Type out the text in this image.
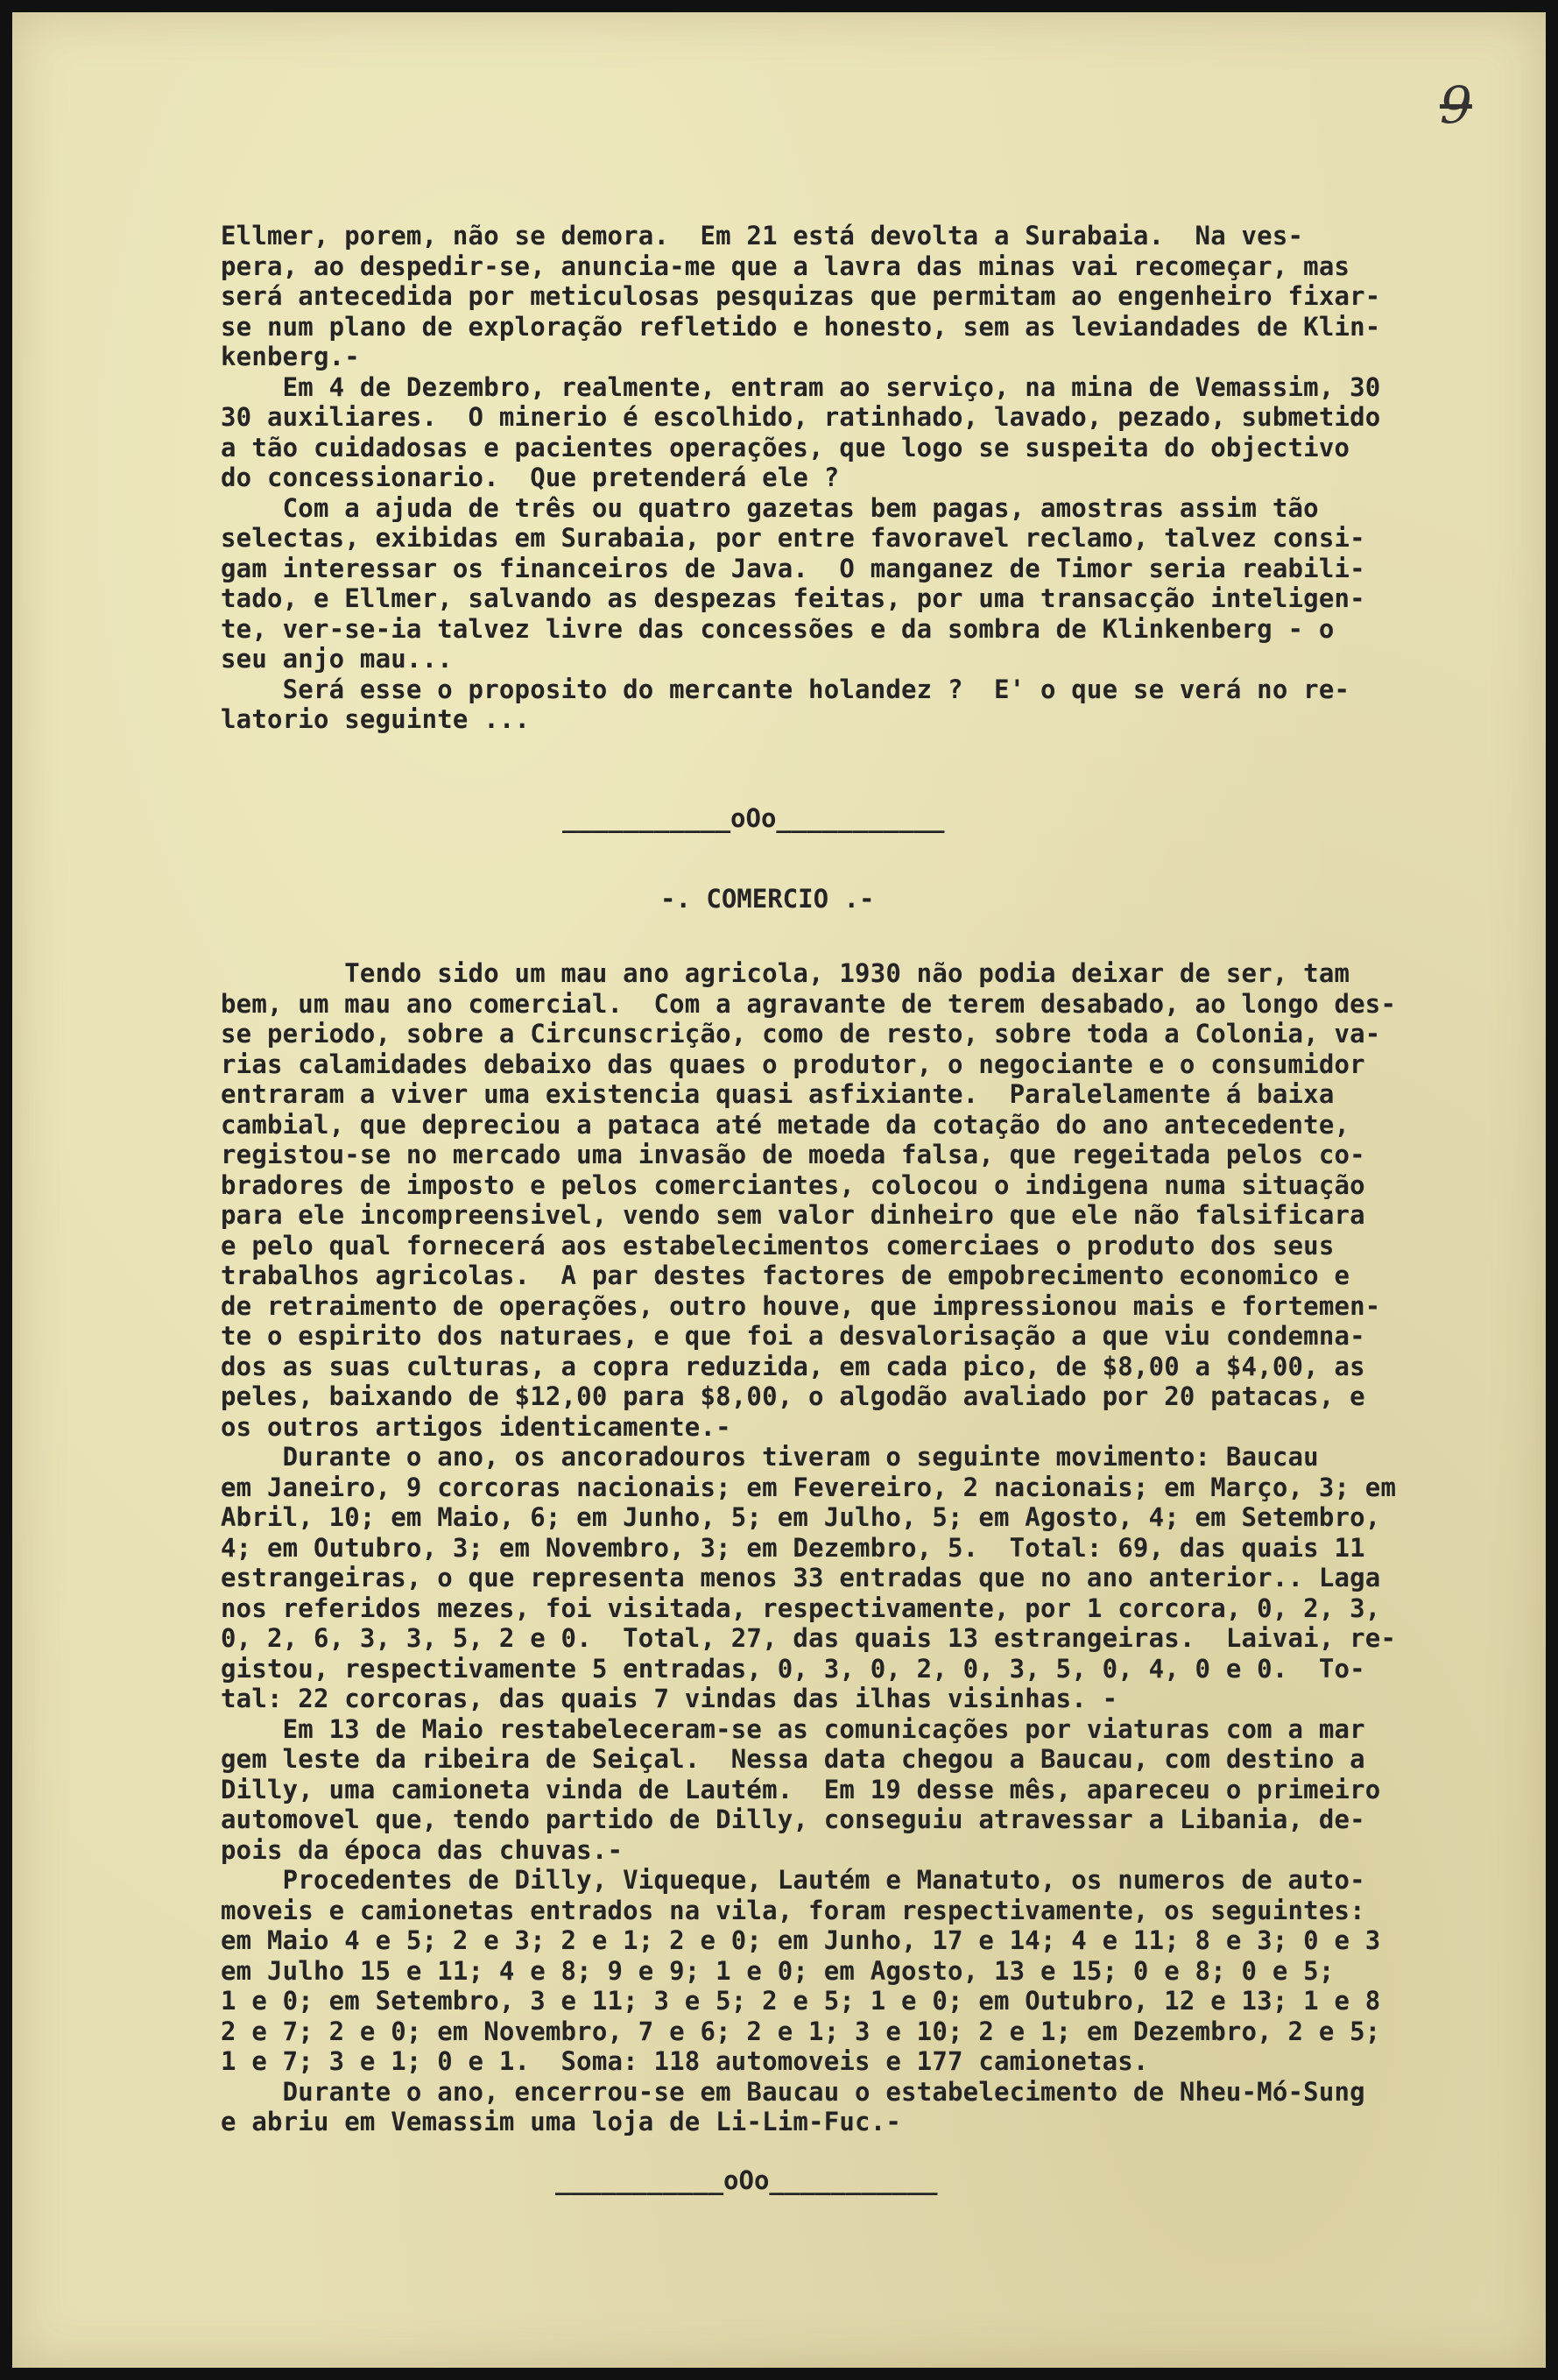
9
Ellmer, porem, não se demora.  Em 21 está devolta a Surabaia.  Na ves-
pera, ao despedir-se, anuncia-me que a lavra das minas vai recomeçar, mas
será antecedida por meticulosas pesquizas que permitam ao engenheiro fixar-
se num plano de exploração refletido e honesto, sem as leviandades de Klin-
kenberg.-
Em 4 de Dezembro, realmente, entram ao serviço, na mina de Vemassim, 30
30 auxiliares.  O minerio é escolhido, ratinhado, lavado, pezado, submetido
a tão cuidadosas e pacientes operações, que logo se suspeita do objectivo
do concessionario.  Que pretenderá ele ?
Com a ajuda de três ou quatro gazetas bem pagas, amostras assim tão
selectas, exibidas em Surabaia, por entre favoravel reclamo, talvez consi-
gam interessar os financeiros de Java.  O manganez de Timor seria reabili-
tado, e Ellmer, salvando as despezas feitas, por uma transacção inteligen-
te, ver-se-ia talvez livre das concessões e da sombra de Klinkenberg - o
seu anjo mau...
Será esse o proposito do mercante holandez ?  E' o que se verá no re-
latorio seguinte ...
___________oOo___________
-. COMERCIO .-
Tendo sido um mau ano agricola, 1930 não podia deixar de ser, tam
bem, um mau ano comercial.  Com a agravante de terem desabado, ao longo des-
se periodo, sobre a Circunscrição, como de resto, sobre toda a Colonia, va-
rias calamidades debaixo das quaes o produtor, o negociante e o consumidor
entraram a viver uma existencia quasi asfixiante.  Paralelamente á baixa
cambial, que depreciou a pataca até metade da cotação do ano antecedente,
registou-se no mercado uma invasão de moeda falsa, que regeitada pelos co-
bradores de imposto e pelos comerciantes, colocou o indigena numa situação
para ele incompreensivel, vendo sem valor dinheiro que ele não falsificara
e pelo qual fornecerá aos estabelecimentos comerciaes o produto dos seus
trabalhos agricolas.  A par destes factores de empobrecimento economico e
de retraimento de operações, outro houve, que impressionou mais e fortemen-
te o espirito dos naturaes, e que foi a desvalorisação a que viu condemna-
dos as suas culturas, a copra reduzida, em cada pico, de $8,00 a $4,00, as
peles, baixando de $12,00 para $8,00, o algodão avaliado por 20 patacas, e
os outros artigos identicamente.-
Durante o ano, os ancoradouros tiveram o seguinte movimento: Baucau
em Janeiro, 9 corcoras nacionais; em Fevereiro, 2 nacionais; em Março, 3; em
Abril, 10; em Maio, 6; em Junho, 5; em Julho, 5; em Agosto, 4; em Setembro,
4; em Outubro, 3; em Novembro, 3; em Dezembro, 5.  Total: 69, das quais 11
estrangeiras, o que representa menos 33 entradas que no ano anterior.. Laga
nos referidos mezes, foi visitada, respectivamente, por 1 corcora, 0, 2, 3,
0, 2, 6, 3, 3, 5, 2 e 0.  Total, 27, das quais 13 estrangeiras.  Laivai, re-
gistou, respectivamente 5 entradas, 0, 3, 0, 2, 0, 3, 5, 0, 4, 0 e 0.  To-
tal: 22 corcoras, das quais 7 vindas das ilhas visinhas. -
Em 13 de Maio restabeleceram-se as comunicações por viaturas com a mar
gem leste da ribeira de Seiçal.  Nessa data chegou a Baucau, com destino a
Dilly, uma camioneta vinda de Lautém.  Em 19 desse mês, apareceu o primeiro
automovel que, tendo partido de Dilly, conseguiu atravessar a Libania, de-
pois da época das chuvas.-
Procedentes de Dilly, Viqueque, Lautém e Manatuto, os numeros de auto-
moveis e camionetas entrados na vila, foram respectivamente, os seguintes:
em Maio 4 e 5; 2 e 3; 2 e 1; 2 e 0; em Junho, 17 e 14; 4 e 11; 8 e 3; 0 e 3
em Julho 15 e 11; 4 e 8; 9 e 9; 1 e 0; em Agosto, 13 e 15; 0 e 8; 0 e 5;
1 e 0; em Setembro, 3 e 11; 3 e 5; 2 e 5; 1 e 0; em Outubro, 12 e 13; 1 e 8
2 e 7; 2 e 0; em Novembro, 7 e 6; 2 e 1; 3 e 10; 2 e 1; em Dezembro, 2 e 5;
1 e 7; 3 e 1; 0 e 1.  Soma: 118 automoveis e 177 camionetas.
Durante o ano, encerrou-se em Baucau o estabelecimento de Nheu-Mó-Sung
e abriu em Vemassim uma loja de Li-Lim-Fuc.-
___________oOo___________
